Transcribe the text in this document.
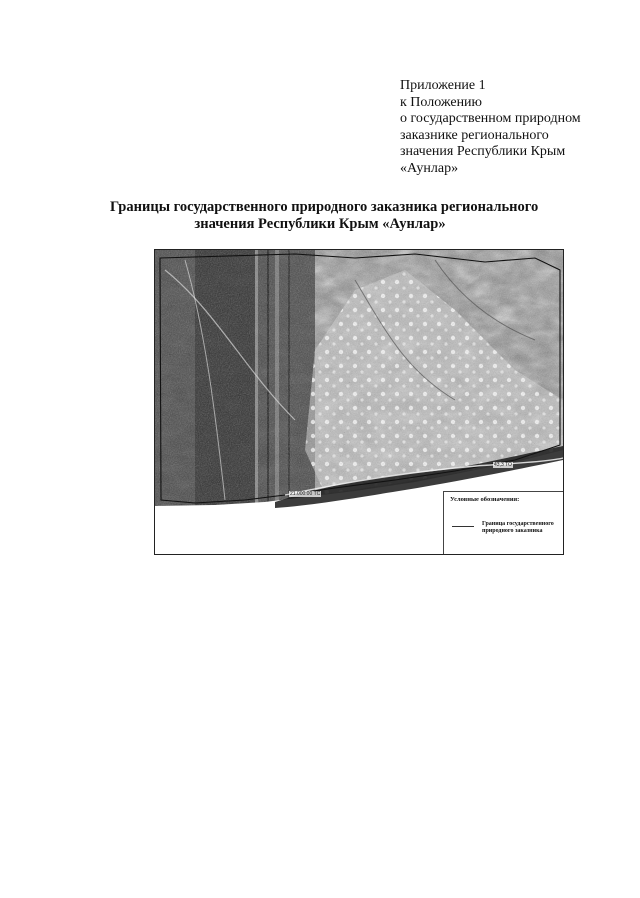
Приложение 1
к Положению
о государственном природном
заказнике регионального
значения Республики Крым
«Аунлар»
Границы государственного природного заказника регионального
значения Республики Крым «Аунлар»
21.000:00 ТС
43,3 ТО
Условные обозначения:
Граница государственного
природного заказника
